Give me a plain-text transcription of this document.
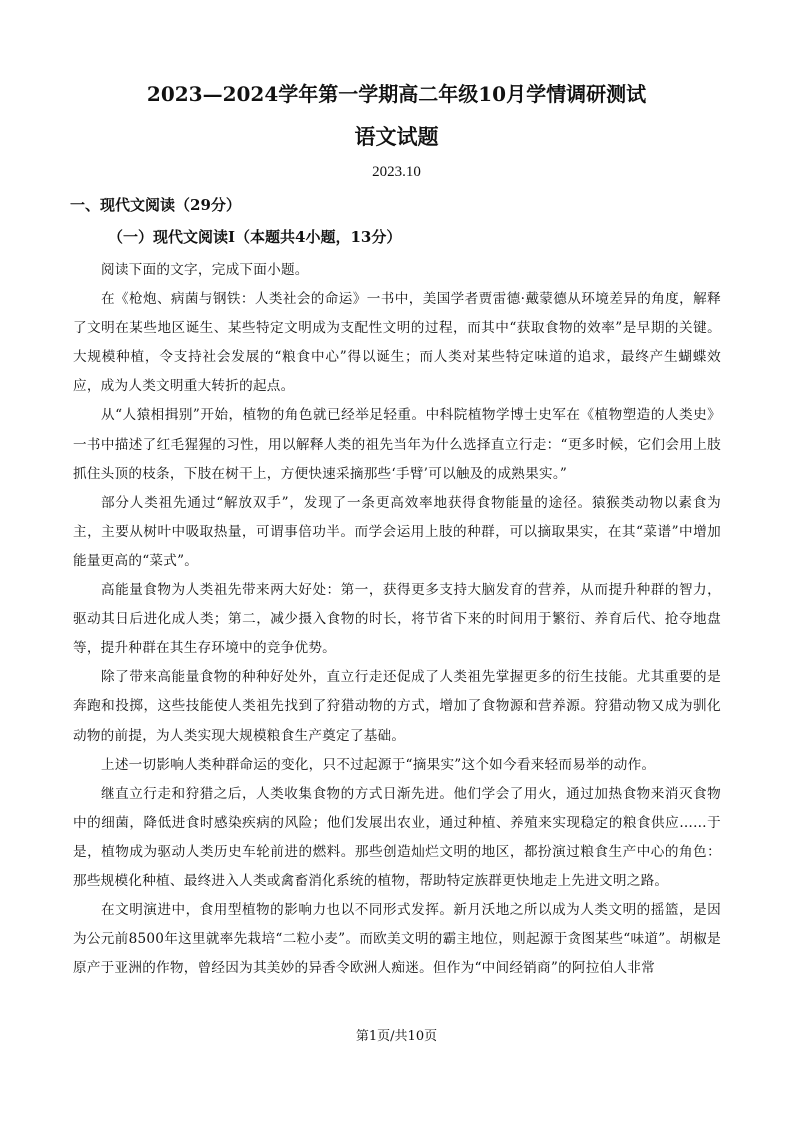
2023—2024学年第一学期高二年级10月学情调研测试
语文试题
2023.10
一、现代文阅读（29分）
（一）现代文阅读Ⅰ（本题共4小题，13分）

阅读下面的文字，完成下面小题。

在《枪炮、病菌与钢铁：人类社会的命运》一书中，美国学者贾雷德·戴蒙德从环境差异的角度，解释了文明在某些地区诞生、某些特定文明成为支配性文明的过程，而其中“获取食物的效率”是早期的关键。大规模种植，令支持社会发展的“粮食中心”得以诞生；而人类对某些特定味道的追求，最终产生蝴蝶效应，成为人类文明重大转折的起点。

从“人猿相揖别”开始，植物的角色就已经举足轻重。中科院植物学博士史军在《植物塑造的人类史》一书中描述了红毛猩猩的习性，用以解释人类的祖先当年为什么选择直立行走：“更多时候，它们会用上肢抓住头顶的枝条，下肢在树干上，方便快速采摘那些‘手臂’可以触及的成熟果实。”

部分人类祖先通过“解放双手”，发现了一条更高效率地获得食物能量的途径。猿猴类动物以素食为主，主要从树叶中吸取热量，可谓事倍功半。而学会运用上肢的种群，可以摘取果实，在其“菜谱”中增加能量更高的“菜式”。

高能量食物为人类祖先带来两大好处：第一，获得更多支持大脑发育的营养，从而提升种群的智力，驱动其日后进化成人类；第二，减少摄入食物的时长，将节省下来的时间用于繁衍、养育后代、抢夺地盘等，提升种群在其生存环境中的竞争优势。

除了带来高能量食物的种种好处外，直立行走还促成了人类祖先掌握更多的衍生技能。尤其重要的是奔跑和投掷，这些技能使人类祖先找到了狩猎动物的方式，增加了食物源和营养源。狩猎动物又成为驯化动物的前提，为人类实现大规模粮食生产奠定了基础。

上述一切影响人类种群命运的变化，只不过起源于“摘果实”这个如今看来轻而易举的动作。

继直立行走和狩猎之后，人类收集食物的方式日渐先进。他们学会了用火，通过加热食物来消灭食物中的细菌，降低进食时感染疾病的风险；他们发展出农业，通过种植、养殖来实现稳定的粮食供应……于是，植物成为驱动人类历史车轮前进的燃料。那些创造灿烂文明的地区，都扮演过粮食生产中心的角色：那些规模化种植、最终进入人类或禽畜消化系统的植物，帮助特定族群更快地走上先进文明之路。

在文明演进中，食用型植物的影响力也以不同形式发挥。新月沃地之所以成为人类文明的摇篮，是因为公元前8500年这里就率先栽培“二粒小麦”。而欧美文明的霸主地位，则起源于贪图某些“味道”。胡椒是原产于亚洲的作物，曾经因为其美妙的异香令欧洲人痴迷。但作为“中间经销商”的阿拉伯人非常

第1页/共10页
